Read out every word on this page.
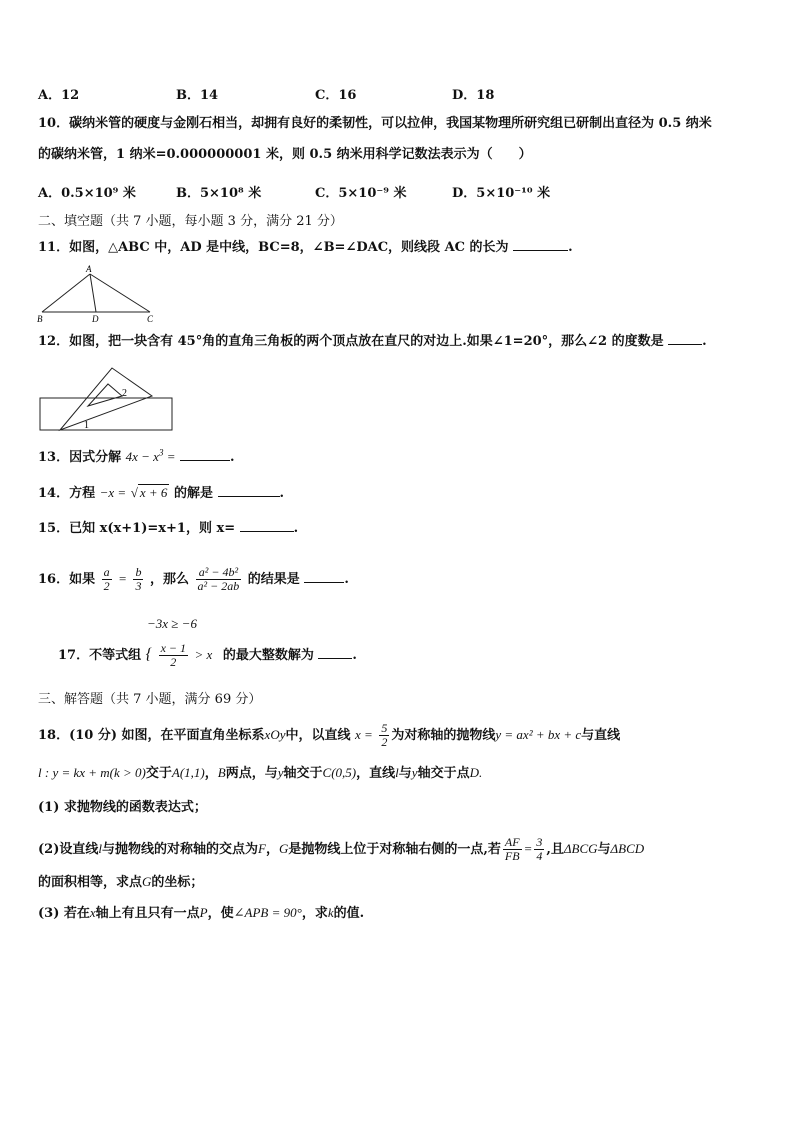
A．12	B．14	C．16	D．18
10．碳纳米管的硬度与金刚石相当，却拥有良好的柔韧性，可以拉伸，我国某物理所研究组已研制出直径为 0.5 纳米
的碳纳米管，1 纳米=0.000000001 米，则 0.5 纳米用科学记数法表示为（　　）
A．0.5×10⁹ 米	B．5×10⁸ 米	C．5×10⁻⁹ 米	D．5×10⁻¹⁰ 米
二、填空题（共 7 小题，每小题 3 分，满分 21 分）
11．如图，△ABC 中，AD 是中线，BC=8，∠B=∠DAC，则线段 AC 的长为	.
A
B	D	C
12．如图，把一块含有 45°角的直角三角板的两个顶点放在直尺的对边上.如果∠1=20°，那么∠2 的度数是	.
2
1
13．因式分解 $4x - x^3$ =	.
14．方程 −x = √ x + 6 的解是	.
15．已知 x(x+1)=x+1，则 x=	.
16．如果 $\frac{a}{2} = \frac{b}{3}$ ，那么 $\frac{\text{a² − 4b²}}{\text{a² − 2ab}}$ 的结果是	.
−3x ≥ −6
17．不等式组 { $\frac{x - 1}{2} > x$ 的最大整数解为	.
三、解答题（共 7 小题，满分 69 分）
18．(10 分) 如图，在平面直角坐标系xOy中，以直线 $x = \frac{5}{2}$ 为对称轴的抛物线y = ax² + bx + c与直线
l : y = kx + m(k > 0)交于A(1,1)，B两点，与y轴交于C(0,5)，直线l与y轴交于点D.
(1) 求抛物线的函数表达式；
(2)设直线l与抛物线的对称轴的交点为F，G是抛物线上位于对称轴右侧的一点,若 $\frac{AF}{FB} = \frac{3}{4}$ ,且ΔBCG与ΔBCD
的面积相等，求点G的坐标；
(3) 若在x轴上有且只有一点P，使∠APB = 90°，求k的值.
